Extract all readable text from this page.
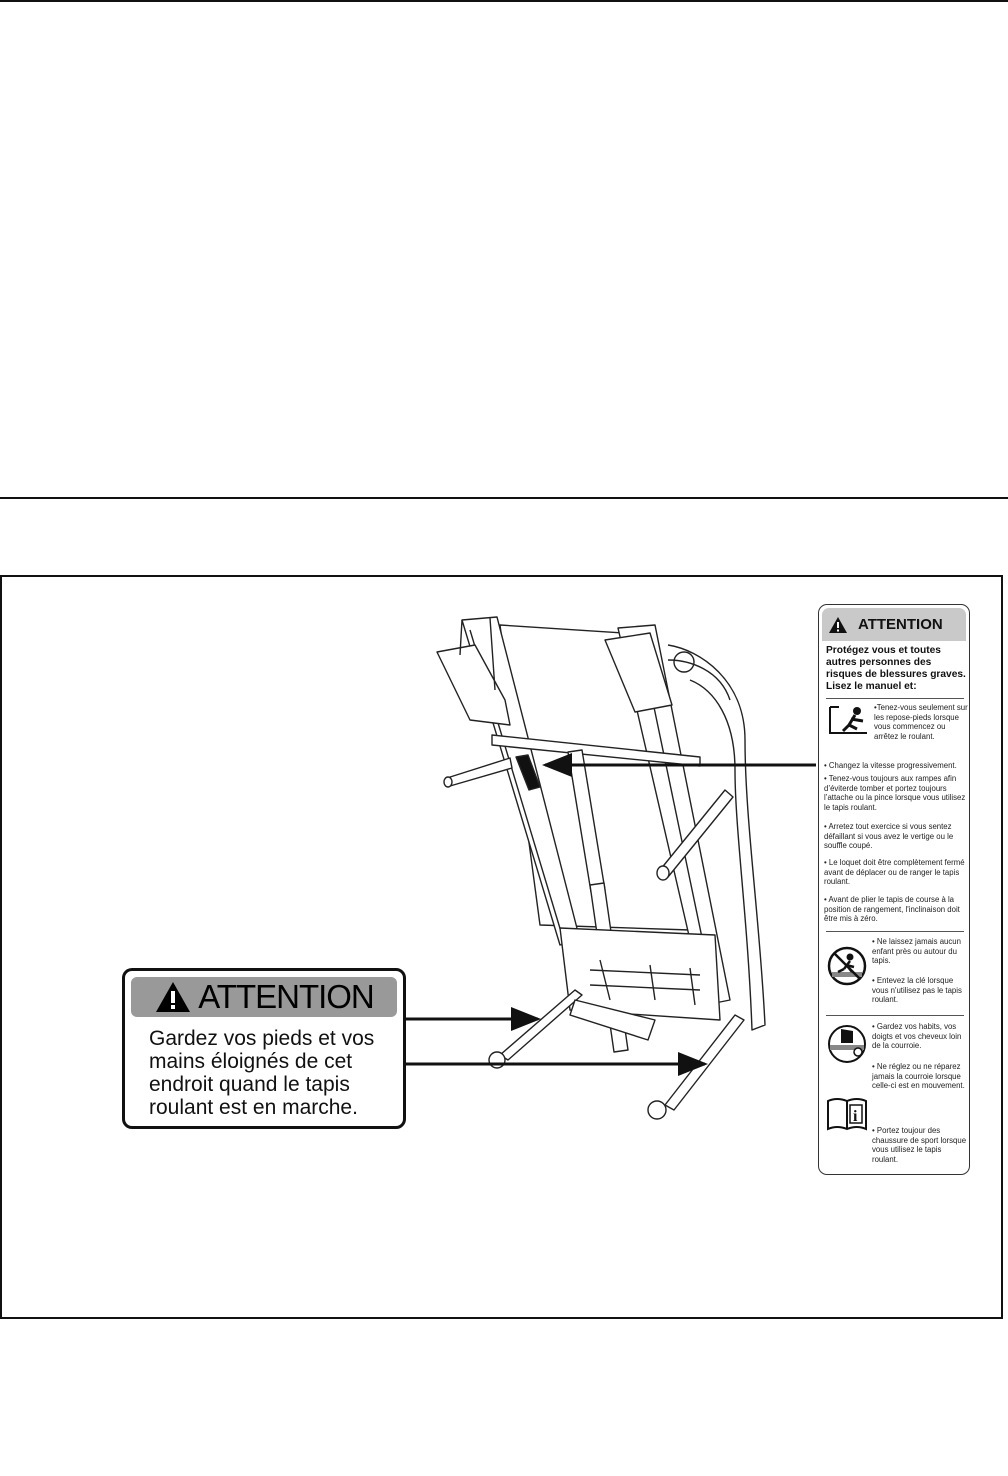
ATTENTION
Gardez vos pieds et vos mains éloignés de cet endroit quand le tapis roulant est en marche.
ATTENTION
Protégez vous et toutes autres personnes des risques de blessures graves. Lisez le manuel et:
•Tenez-vous seulement sur les repose-pieds lorsque vous commencez ou arrêtez le roulant.
• Changez la vitesse progressivement.
• Tenez-vous toujours aux rampes afin d’éviterde tomber et portez toujours l’attache ou la pince lorsque vous utilisez le tapis roulant.
• Arretez tout exercice si vous sentez défaillant si vous avez le vertige ou le souffle coupé.
• Le loquet doit être complètement fermé avant de déplacer ou de ranger le tapis roulant.
• Avant de plier le tapis de course à la position de rangement, l'inclinaison doit être mis à zéro.
• Ne laissez jamais aucun enfant près ou autour du tapis.
• Entevez la clé lorsque vous n'utilisez pas le tapis roulant.
• Gardez vos habits, vos doigts et vos cheveux loin de la courroie.
• Ne réglez ou ne réparez jamais la courroie lorsque celle-ci est en mouvement.
i
• Portez toujour des chaussure de sport lorsque vous utilisez le tapis roulant.
